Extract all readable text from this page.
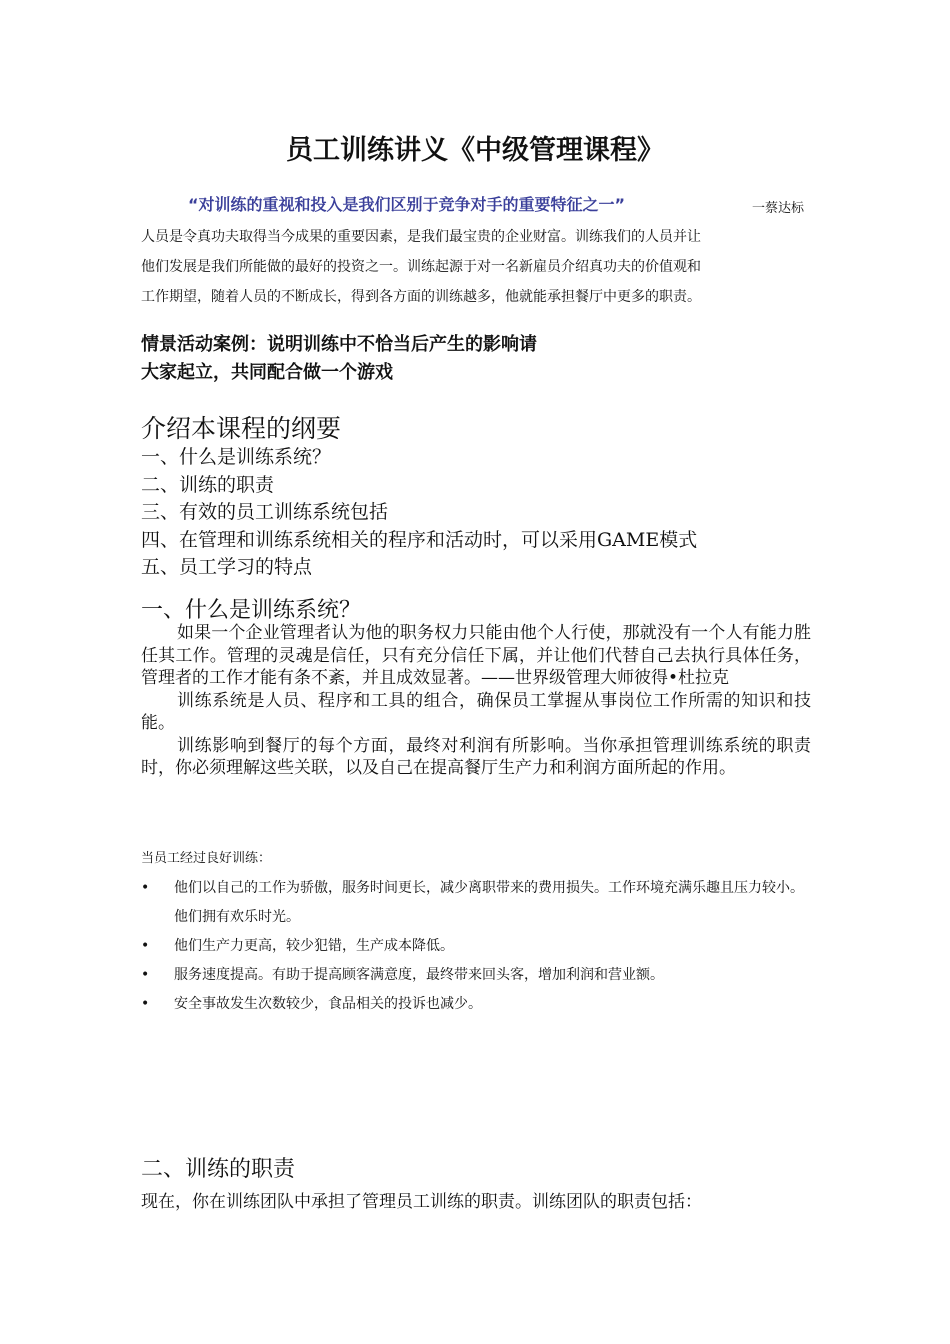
员工训练讲义《中级管理课程》
“对训练的重视和投入是我们区别于竞争对手的重要特征之一”	一蔡达标

人员是令真功夫取得当今成果的重要因素，是我们最宝贵的企业财富。训练我们的人员并让

他们发展是我们所能做的最好的投资之一。训练起源于对一名新雇员介绍真功夫的价值观和

工作期望，随着人员的不断成长，得到各方面的训练越多，他就能承担餐厅中更多的职责。

情景活动案例：说明训练中不恰当后产生的影响请
大家起立，共同配合做一个游戏
介绍本课程的纲要
一、什么是训练系统？
二、训练的职责
三、有效的员工训练系统包括
四、在管理和训练系统相关的程序和活动时，可以采用GAME模式
五、员工学习的特点
一、什么是训练系统？

如果一个企业管理者认为他的职务权力只能由他个人行使，那就没有一个人有能力胜任其工作。管理的灵魂是信任，只有充分信任下属，并让他们代替自己去执行具体任务，管理者的工作才能有条不紊，并且成效显著。——世界级管理大师彼得•杜拉克

训练系统是人员、程序和工具的组合，确保员工掌握从事岗位工作所需的知识和技能。

训练影响到餐厅的每个方面，最终对利润有所影响。当你承担管理训练系统的职责时，你必须理解这些关联，以及自己在提高餐厅生产力和利润方面所起的作用。

当员工经过良好训练：
• 他们以自己的工作为骄傲，服务时间更长，减少离职带来的费用损失。工作环境充满乐趣且压力较小。他们拥有欢乐时光。
• 他们生产力更高，较少犯错，生产成本降低。
• 服务速度提高。有助于提高顾客满意度，最终带来回头客，增加利润和营业额。
• 安全事故发生次数较少，食品相关的投诉也减少。
二、训练的职责
现在，你在训练团队中承担了管理员工训练的职责。训练团队的职责包括：
